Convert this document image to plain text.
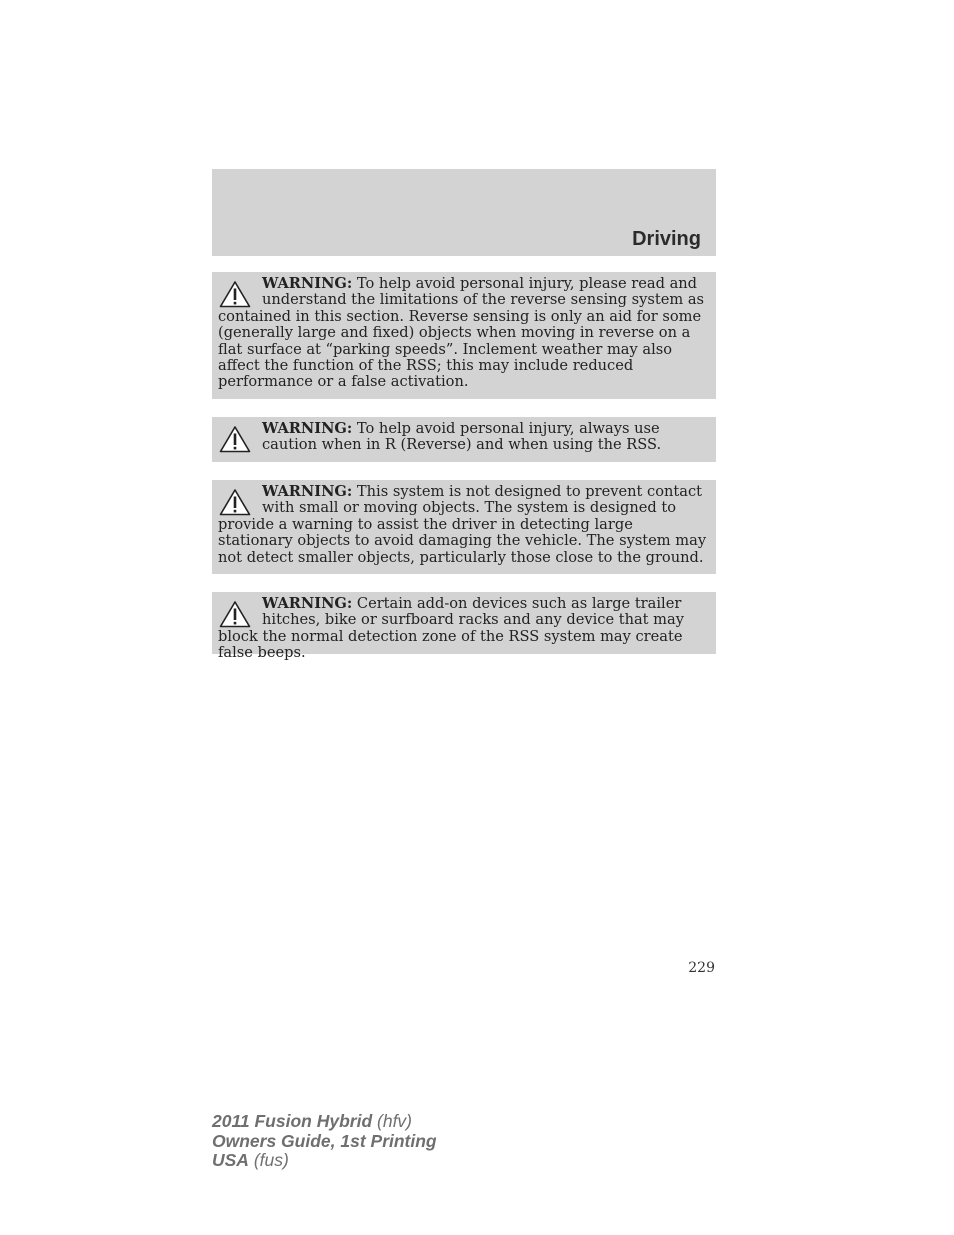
Driving
WARNING: To help avoid personal injury, please read and understand the limitations of the reverse sensing system as contained in this section. Reverse sensing is only an aid for some (generally large and fixed) objects when moving in reverse on a flat surface at “parking speeds”. Inclement weather may also affect the function of the RSS; this may include reduced performance or a false activation.
WARNING: To help avoid personal injury, always use caution when in R (Reverse) and when using the RSS.
WARNING: This system is not designed to prevent contact with small or moving objects. The system is designed to provide a warning to assist the driver in detecting large stationary objects to avoid damaging the vehicle. The system may not detect smaller objects, particularly those close to the ground.
WARNING: Certain add-on devices such as large trailer hitches, bike or surfboard racks and any device that may block the normal detection zone of the RSS system may create false beeps.
229
2011 Fusion Hybrid (hfv)
Owners Guide, 1st Printing
USA (fus)
